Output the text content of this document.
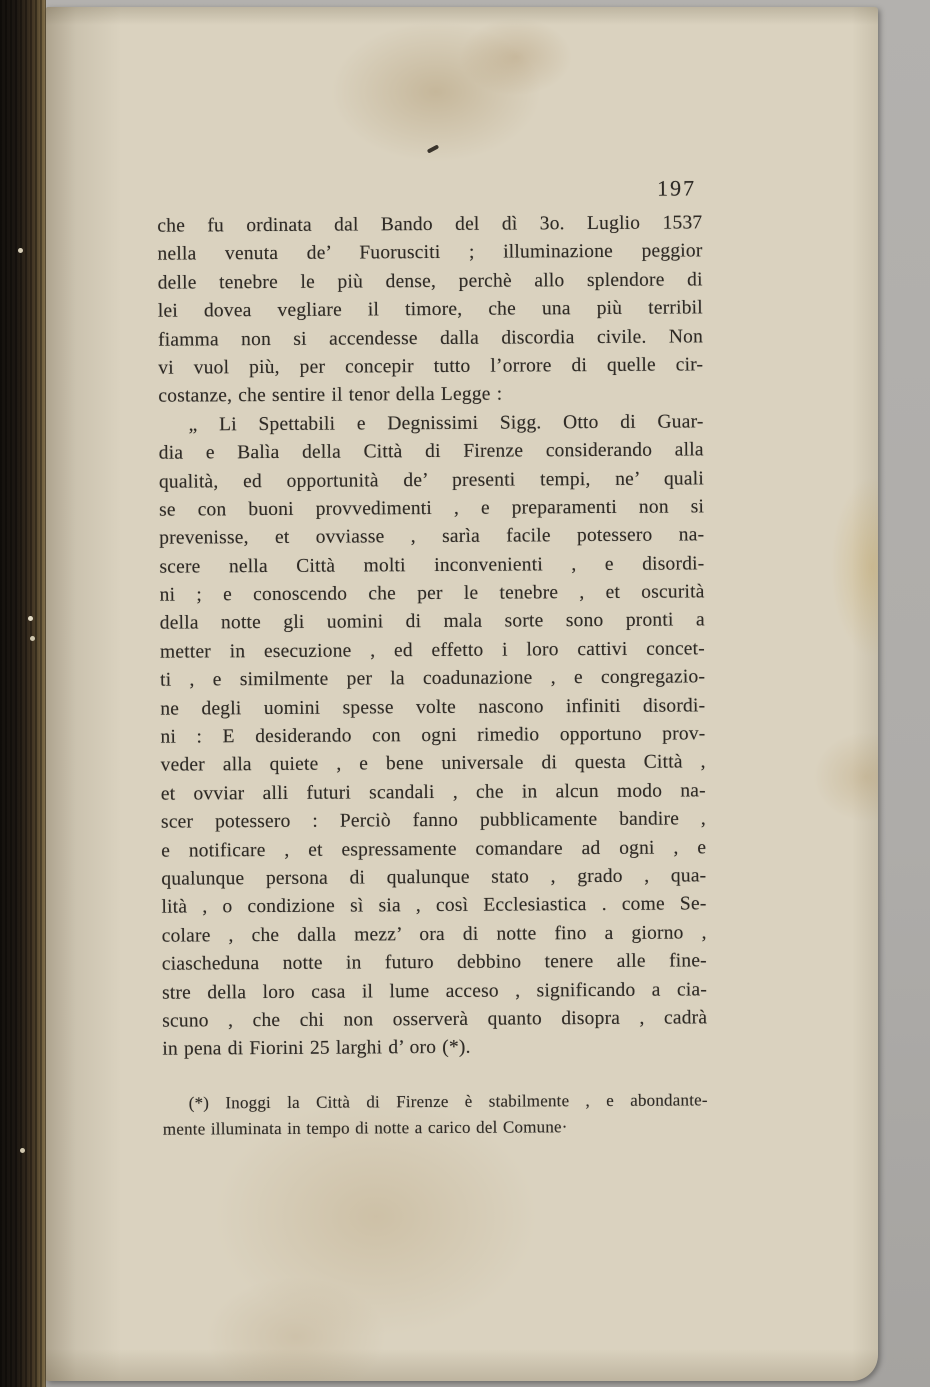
197
che fu ordinata dal Bando del dì 3o. Luglio 1537
nella venuta de’ Fuorusciti ; illuminazione peggior
delle tenebre le più dense, perchè allo splendore di
lei dovea vegliare il timore, che una più terribil
fiamma non si accendesse dalla discordia civile. Non
vi vuol più, per concepir tutto l’orrore di quelle cir-
costanze, che sentire il tenor della Legge :
„ Li Spettabili e Degnissimi Sigg. Otto di Guar-
dia e Balìa della Città di Firenze considerando alla
qualità, ed opportunità de’ presenti tempi, ne’ quali
se con buoni provvedimenti , e preparamenti non si
prevenisse, et ovviasse , sarìa facile potessero na-
scere nella Città molti inconvenienti , e disordi-
ni ; e conoscendo che per le tenebre , et oscurità
della notte gli uomini di mala sorte sono pronti a
metter in esecuzione , ed effetto i loro cattivi concet-
ti , e similmente per la coadunazione , e congregazio-
ne degli uomini spesse volte nascono infiniti disordi-
ni : E desiderando con ogni rimedio opportuno prov-
veder alla quiete , e bene universale di questa Città ,
et ovviar alli futuri scandali , che in alcun modo na-
scer potessero : Perciò fanno pubblicamente bandire ,
e notificare , et espressamente comandare ad ogni , e
qualunque persona di qualunque stato , grado , qua-
lità , o condizione sì sia , così Ecclesiastica . come Se-
colare , che dalla mezz’ ora di notte fino a giorno ,
ciascheduna notte in futuro debbino tenere alle fine-
stre della loro casa il lume acceso , significando a cia-
scuno , che chi non osserverà quanto disopra , cadrà
in pena di Fiorini 25 larghi d’ oro (*).
(*) Inoggi la Città di Firenze è stabilmente , e abondante-
mente illuminata in tempo di notte a carico del Comune·
